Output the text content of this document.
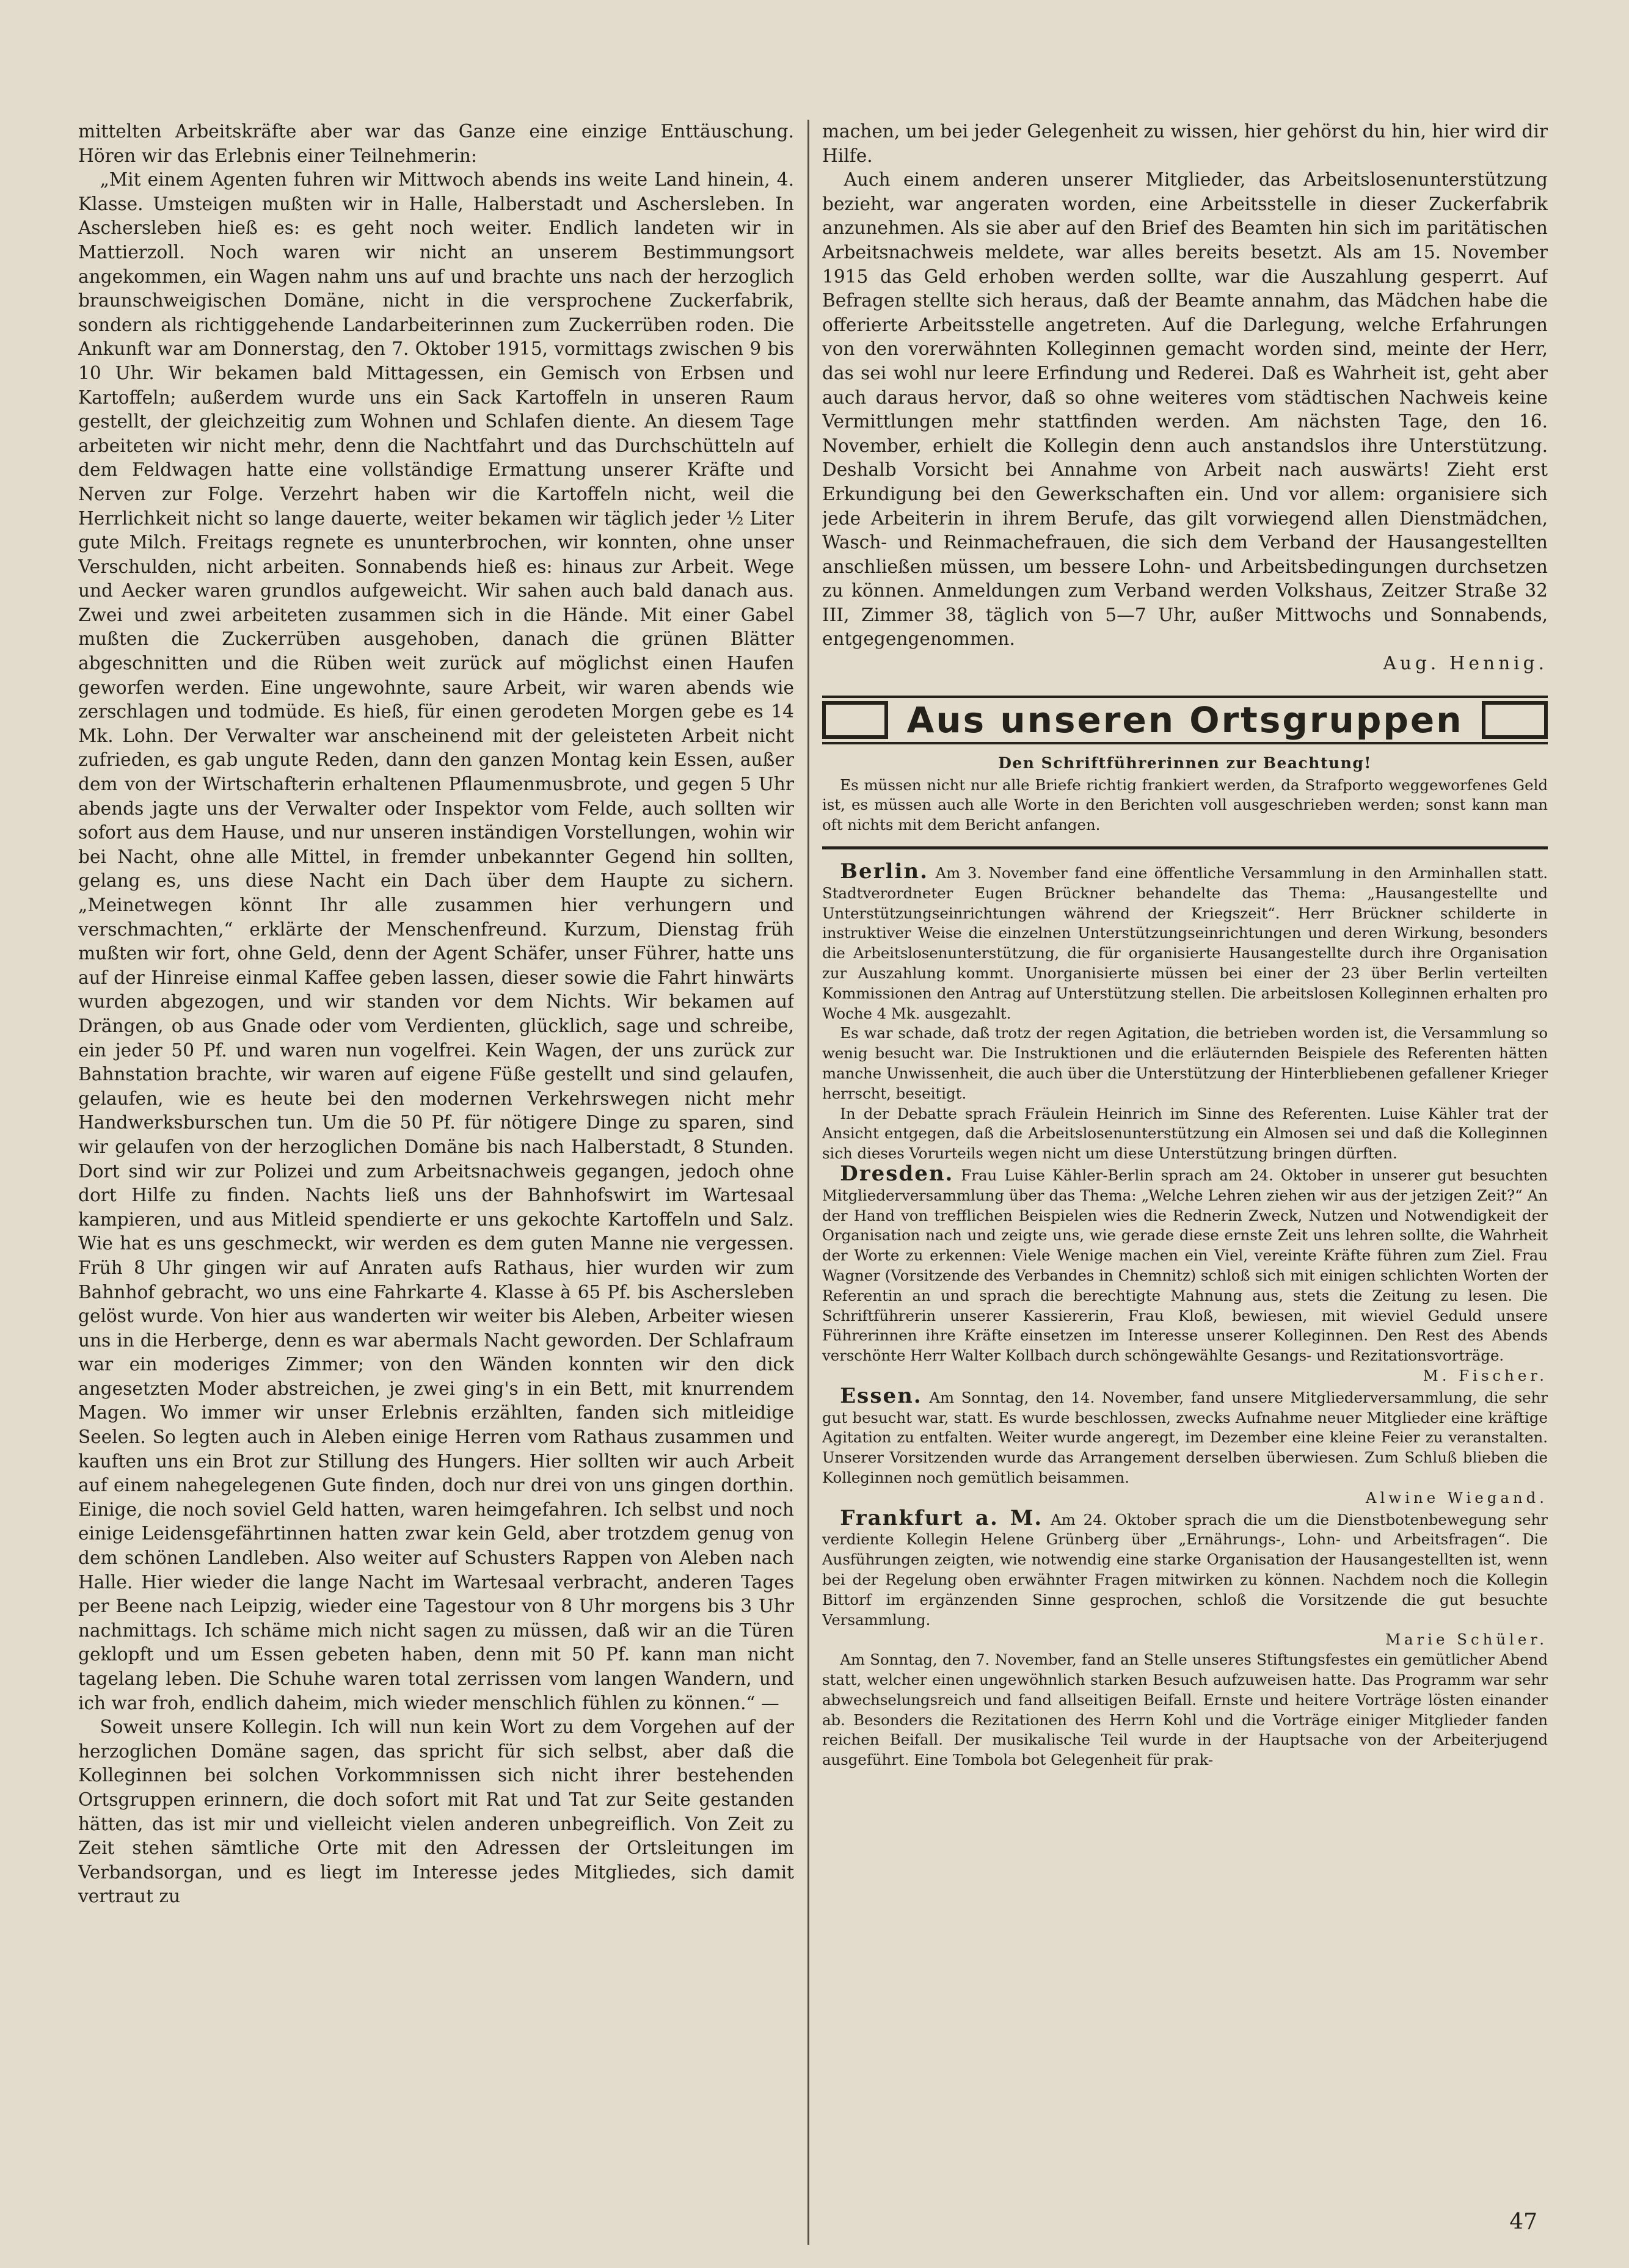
mittelten Arbeitskräfte aber war das Ganze eine einzige Enttäuschung. Hören wir das Erlebnis einer Teilnehmerin:

„Mit einem Agenten fuhren wir Mittwoch abends ins weite Land hinein, 4. Klasse. Umsteigen mußten wir in Halle, Halberstadt und Aschersleben. In Aschersleben hieß es: es geht noch weiter. Endlich landeten wir in Mattierzoll. Noch waren wir nicht an unserem Bestimmungsort angekommen, ein Wagen nahm uns auf und brachte uns nach der herzoglich braunschweigischen Domäne, nicht in die versprochene Zuckerfabrik, sondern als richtiggehende Landarbeiterinnen zum Zuckerrüben roden. Die Ankunft war am Donnerstag, den 7. Oktober 1915, vormittags zwischen 9 bis 10 Uhr. Wir bekamen bald Mittagessen, ein Gemisch von Erbsen und Kartoffeln; außerdem wurde uns ein Sack Kartoffeln in unseren Raum gestellt, der gleichzeitig zum Wohnen und Schlafen diente. An diesem Tage arbeiteten wir nicht mehr, denn die Nachtfahrt und das Durchschütteln auf dem Feldwagen hatte eine vollständige Ermattung unserer Kräfte und Nerven zur Folge. Verzehrt haben wir die Kartoffeln nicht, weil die Herrlichkeit nicht so lange dauerte, weiter bekamen wir täglich jeder ½ Liter gute Milch. Freitags regnete es ununterbrochen, wir konnten, ohne unser Verschulden, nicht arbeiten. Sonnabends hieß es: hinaus zur Arbeit. Wege und Aecker waren grundlos aufgeweicht. Wir sahen auch bald danach aus. Zwei und zwei arbeiteten zusammen sich in die Hände. Mit einer Gabel mußten die Zuckerrüben ausgehoben, danach die grünen Blätter abgeschnitten und die Rüben weit zurück auf möglichst einen Haufen geworfen werden. Eine ungewohnte, saure Arbeit, wir waren abends wie zerschlagen und todmüde. Es hieß, für einen gerodeten Morgen gebe es 14 Mk. Lohn. Der Verwalter war anscheinend mit der geleisteten Arbeit nicht zufrieden, es gab ungute Reden, dann den ganzen Montag kein Essen, außer dem von der Wirtschafterin erhaltenen Pflaumenmusbrote, und gegen 5 Uhr abends jagte uns der Verwalter oder Inspektor vom Felde, auch sollten wir sofort aus dem Hause, und nur unseren inständigen Vorstellungen, wohin wir bei Nacht, ohne alle Mittel, in fremder unbekannter Gegend hin sollten, gelang es, uns diese Nacht ein Dach über dem Haupte zu sichern. „Meinetwegen könnt Ihr alle zusammen hier verhungern und verschmachten,“ erklärte der Menschenfreund. Kurzum, Dienstag früh mußten wir fort, ohne Geld, denn der Agent Schäfer, unser Führer, hatte uns auf der Hinreise einmal Kaffee geben lassen, dieser sowie die Fahrt hinwärts wurden abgezogen, und wir standen vor dem Nichts. Wir bekamen auf Drängen, ob aus Gnade oder vom Verdienten, glücklich, sage und schreibe, ein jeder 50 Pf. und waren nun vogelfrei. Kein Wagen, der uns zurück zur Bahnstation brachte, wir waren auf eigene Füße gestellt und sind gelaufen, gelaufen, wie es heute bei den modernen Verkehrswegen nicht mehr Handwerksburschen tun. Um die 50 Pf. für nötigere Dinge zu sparen, sind wir gelaufen von der herzoglichen Domäne bis nach Halberstadt, 8 Stunden. Dort sind wir zur Polizei und zum Arbeitsnachweis gegangen, jedoch ohne dort Hilfe zu finden. Nachts ließ uns der Bahnhofswirt im Wartesaal kampieren, und aus Mitleid spendierte er uns gekochte Kartoffeln und Salz. Wie hat es uns geschmeckt, wir werden es dem guten Manne nie vergessen. Früh 8 Uhr gingen wir auf Anraten aufs Rathaus, hier wurden wir zum Bahnhof gebracht, wo uns eine Fahrkarte 4. Klasse à 65 Pf. bis Aschersleben gelöst wurde. Von hier aus wanderten wir weiter bis Aleben, Arbeiter wiesen uns in die Herberge, denn es war abermals Nacht geworden. Der Schlafraum war ein moderiges Zimmer; von den Wänden konnten wir den dick angesetzten Moder abstreichen, je zwei ging's in ein Bett, mit knurrendem Magen. Wo immer wir unser Erlebnis erzählten, fanden sich mitleidige Seelen. So legten auch in Aleben einige Herren vom Rathaus zusammen und kauften uns ein Brot zur Stillung des Hungers. Hier sollten wir auch Arbeit auf einem nahegelegenen Gute finden, doch nur drei von uns gingen dorthin. Einige, die noch soviel Geld hatten, waren heimgefahren. Ich selbst und noch einige Leidensgefährtinnen hatten zwar kein Geld, aber trotzdem genug von dem schönen Landleben. Also weiter auf Schusters Rappen von Aleben nach Halle. Hier wieder die lange Nacht im Wartesaal verbracht, anderen Tages per Beene nach Leipzig, wieder eine Tagestour von 8 Uhr morgens bis 3 Uhr nachmittags. Ich schäme mich nicht sagen zu müssen, daß wir an die Türen geklopft und um Essen gebeten haben, denn mit 50 Pf. kann man nicht tagelang leben. Die Schuhe waren total zerrissen vom langen Wandern, und ich war froh, endlich daheim, mich wieder menschlich fühlen zu können.“ —

Soweit unsere Kollegin. Ich will nun kein Wort zu dem Vorgehen auf der herzoglichen Domäne sagen, das spricht für sich selbst, aber daß die Kolleginnen bei solchen Vorkommnissen sich nicht ihrer bestehenden Ortsgruppen erinnern, die doch sofort mit Rat und Tat zur Seite gestanden hätten, das ist mir und vielleicht vielen anderen unbegreiflich. Von Zeit zu Zeit stehen sämtliche Orte mit den Adressen der Ortsleitungen im Verbandsorgan, und es liegt im Interesse jedes Mitgliedes, sich damit vertraut zu

machen, um bei jeder Gelegenheit zu wissen, hier gehörst du hin, hier wird dir Hilfe.

Auch einem anderen unserer Mitglieder, das Arbeitslosenunterstützung bezieht, war angeraten worden, eine Arbeitsstelle in dieser Zuckerfabrik anzunehmen. Als sie aber auf den Brief des Beamten hin sich im paritätischen Arbeitsnachweis meldete, war alles bereits besetzt. Als am 15. November 1915 das Geld erhoben werden sollte, war die Auszahlung gesperrt. Auf Befragen stellte sich heraus, daß der Beamte annahm, das Mädchen habe die offerierte Arbeitsstelle angetreten. Auf die Darlegung, welche Erfahrungen von den vorerwähnten Kolleginnen gemacht worden sind, meinte der Herr, das sei wohl nur leere Erfindung und Rederei. Daß es Wahrheit ist, geht aber auch daraus hervor, daß so ohne weiteres vom städtischen Nachweis keine Vermittlungen mehr stattfinden werden. Am nächsten Tage, den 16. November, erhielt die Kollegin denn auch anstandslos ihre Unterstützung. Deshalb Vorsicht bei Annahme von Arbeit nach auswärts! Zieht erst Erkundigung bei den Gewerkschaften ein. Und vor allem: organisiere sich jede Arbeiterin in ihrem Berufe, das gilt vorwiegend allen Dienstmädchen, Wasch- und Reinmachefrauen, die sich dem Verband der Hausangestellten anschließen müssen, um bessere Lohn- und Arbeitsbedingungen durchsetzen zu können. Anmeldungen zum Verband werden Volkshaus, Zeitzer Straße 32 III, Zimmer 38, täglich von 5—7 Uhr, außer Mittwochs und Sonnabends, entgegengenommen.

Aug. Hennig.

Aus unseren Ortsgruppen
Den Schriftführerinnen zur Beachtung!

Es müssen nicht nur alle Briefe richtig frankiert werden, da Strafporto weggeworfenes Geld ist, es müssen auch alle Worte in den Berichten voll ausgeschrieben werden; sonst kann man oft nichts mit dem Bericht anfangen.

Berlin. Am 3. November fand eine öffentliche Versammlung in den Arminhallen statt. Stadtverordneter Eugen Brückner behandelte das Thema: „Hausangestellte und Unterstützungseinrichtungen während der Kriegszeit“. Herr Brückner schilderte in instruktiver Weise die einzelnen Unterstützungseinrichtungen und deren Wirkung, besonders die Arbeitslosenunterstützung, die für organisierte Hausangestellte durch ihre Organisation zur Auszahlung kommt. Unorganisierte müssen bei einer der 23 über Berlin verteilten Kommissionen den Antrag auf Unterstützung stellen. Die arbeitslosen Kolleginnen erhalten pro Woche 4 Mk. ausgezahlt.

Es war schade, daß trotz der regen Agitation, die betrieben worden ist, die Versammlung so wenig besucht war. Die Instruktionen und die erläuternden Beispiele des Referenten hätten manche Unwissenheit, die auch über die Unterstützung der Hinterbliebenen gefallener Krieger herrscht, beseitigt.

In der Debatte sprach Fräulein Heinrich im Sinne des Referenten. Luise Kähler trat der Ansicht entgegen, daß die Arbeitslosenunterstützung ein Almosen sei und daß die Kolleginnen sich dieses Vorurteils wegen nicht um diese Unterstützung bringen dürften.

Dresden. Frau Luise Kähler-Berlin sprach am 24. Oktober in unserer gut besuchten Mitgliederversammlung über das Thema: „Welche Lehren ziehen wir aus der jetzigen Zeit?“ An der Hand von trefflichen Beispielen wies die Rednerin Zweck, Nutzen und Notwendigkeit der Organisation nach und zeigte uns, wie gerade diese ernste Zeit uns lehren sollte, die Wahrheit der Worte zu erkennen: Viele Wenige machen ein Viel, vereinte Kräfte führen zum Ziel. Frau Wagner (Vorsitzende des Verbandes in Chemnitz) schloß sich mit einigen schlichten Worten der Referentin an und sprach die berechtigte Mahnung aus, stets die Zeitung zu lesen. Die Schriftführerin unserer Kassiererin, Frau Kloß, bewiesen, mit wieviel Geduld unsere Führerinnen ihre Kräfte einsetzen im Interesse unserer Kolleginnen. Den Rest des Abends verschönte Herr Walter Kollbach durch schöngewählte Gesangs- und Rezitationsvorträge.

M. Fischer.

Essen. Am Sonntag, den 14. November, fand unsere Mitgliederversammlung, die sehr gut besucht war, statt. Es wurde beschlossen, zwecks Aufnahme neuer Mitglieder eine kräftige Agitation zu entfalten. Weiter wurde angeregt, im Dezember eine kleine Feier zu veranstalten. Unserer Vorsitzenden wurde das Arrangement derselben überwiesen. Zum Schluß blieben die Kolleginnen noch gemütlich beisammen.

Alwine Wiegand.

Frankfurt a. M. Am 24. Oktober sprach die um die Dienstbotenbewegung sehr verdiente Kollegin Helene Grünberg über „Ernährungs-, Lohn- und Arbeitsfragen“. Die Ausführungen zeigten, wie notwendig eine starke Organisation der Hausangestellten ist, wenn bei der Regelung oben erwähnter Fragen mitwirken zu können. Nachdem noch die Kollegin Bittorf im ergänzenden Sinne gesprochen, schloß die Vorsitzende die gut besuchte Versammlung.

Marie Schüler.

Am Sonntag, den 7. November, fand an Stelle unseres Stiftungsfestes ein gemütlicher Abend statt, welcher einen ungewöhnlich starken Besuch aufzuweisen hatte. Das Programm war sehr abwechselungsreich und fand allseitigen Beifall. Ernste und heitere Vorträge lösten einander ab. Besonders die Rezitationen des Herrn Kohl und die Vorträge einiger Mitglieder fanden reichen Beifall. Der musikalische Teil wurde in der Hauptsache von der Arbeiterjugend ausgeführt. Eine Tombola bot Gelegenheit für prak-

47
